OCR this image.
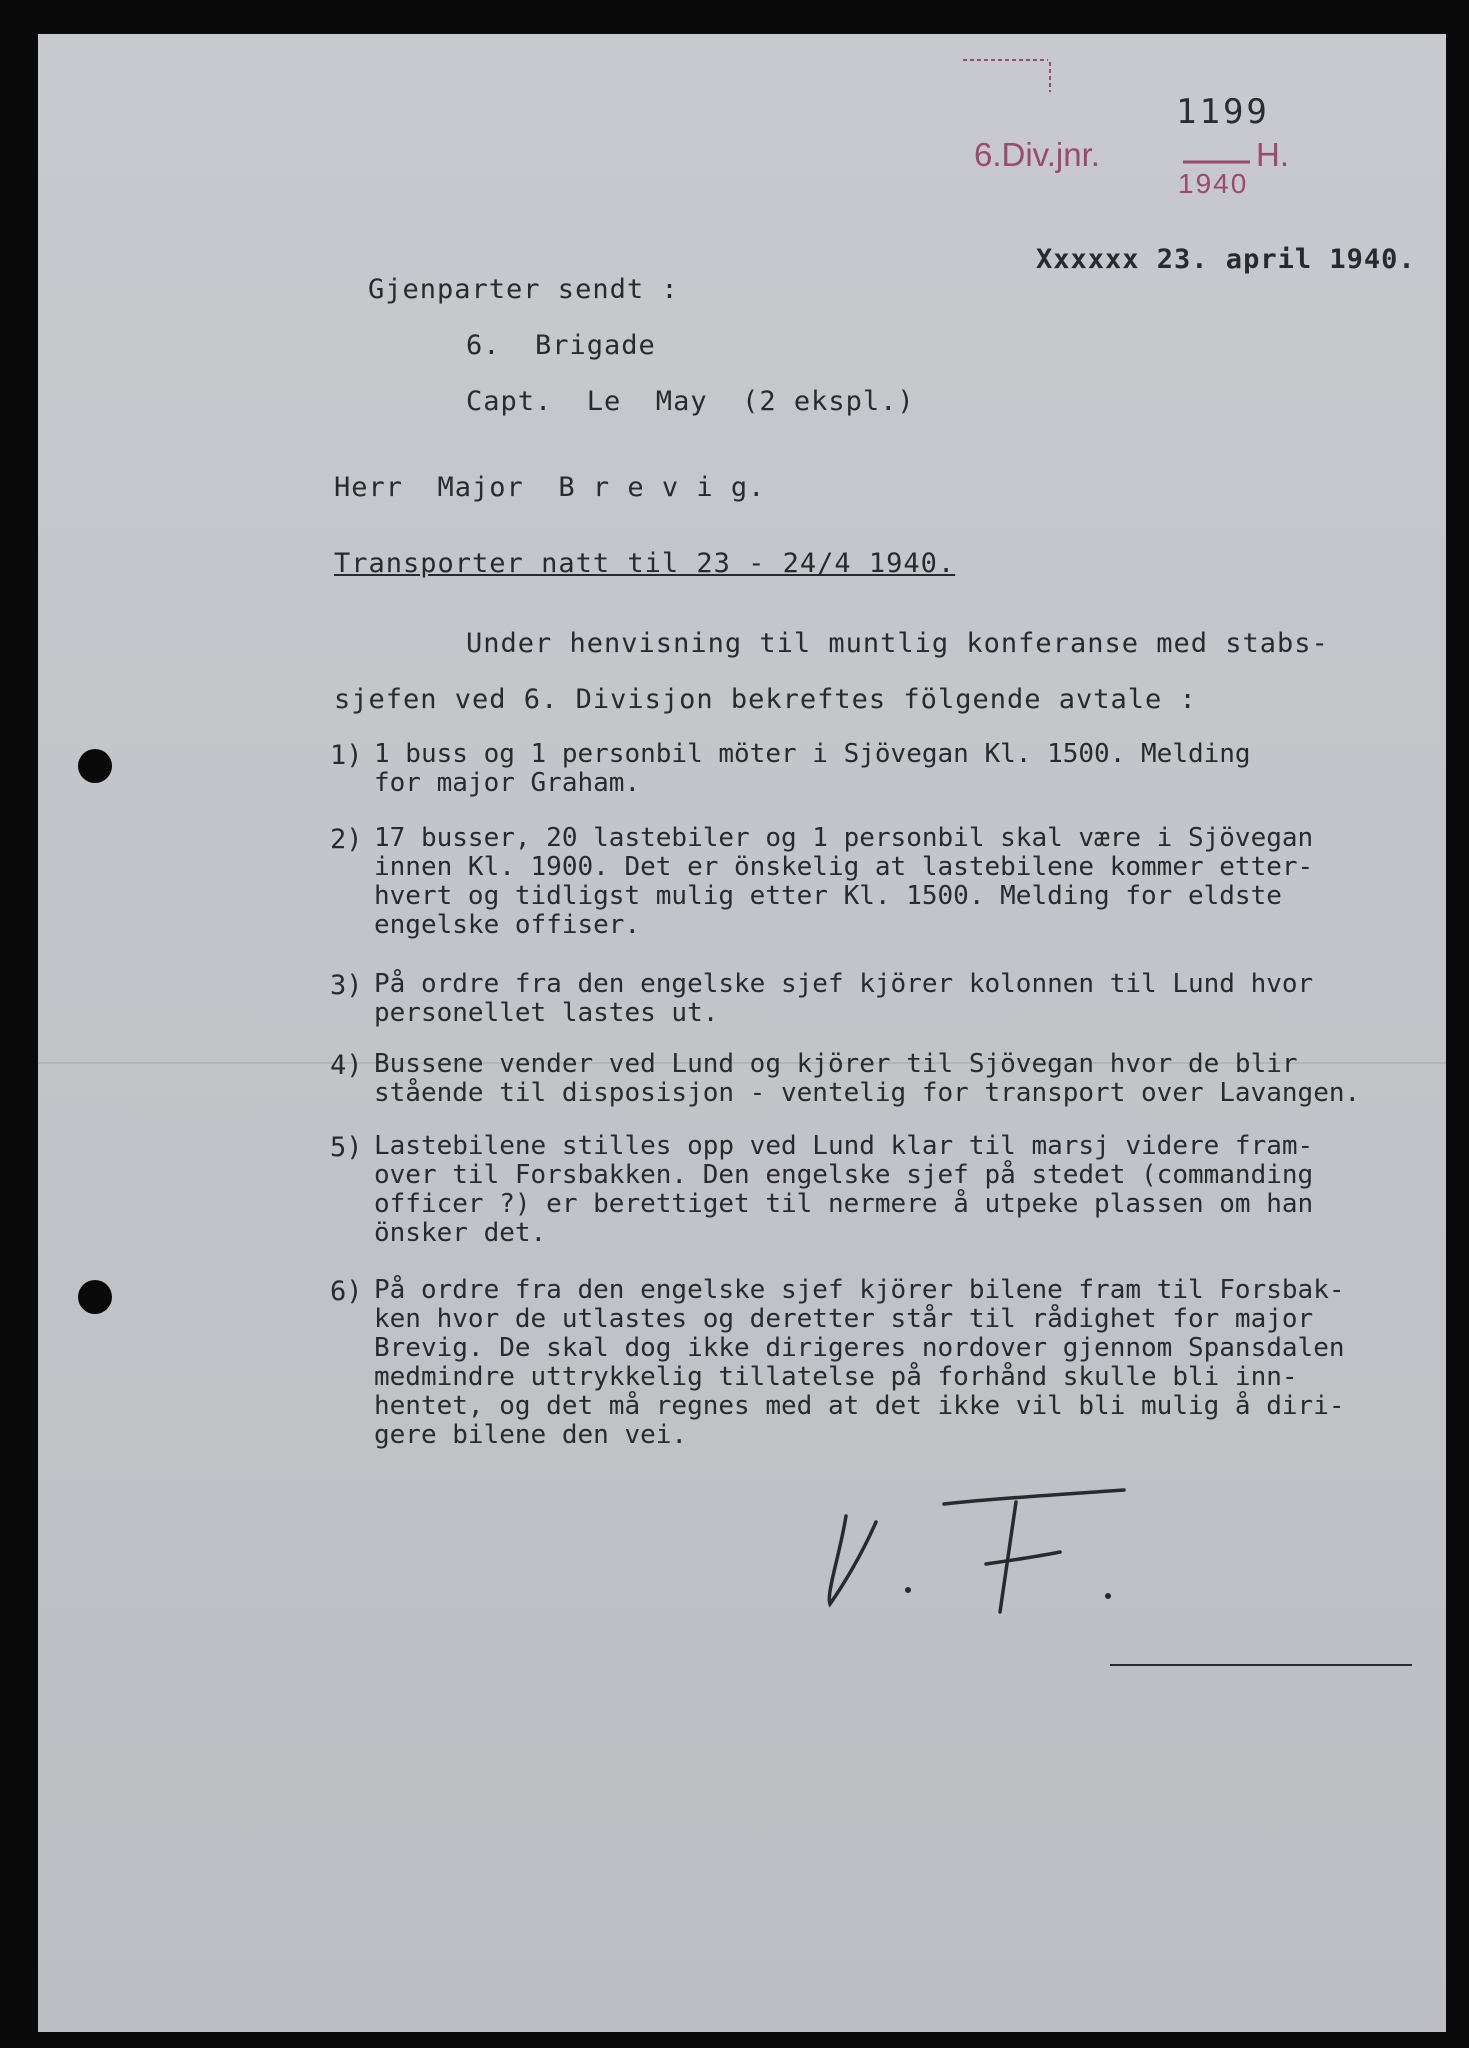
6.Div.jnr.
1199
1940
H.
Xxxxxx 23. april 1940.
Gjenparter sendt :
6.  Brigade
Capt.  Le  May  (2 ekspl.)
Herr  Major  B r e v i g.
Transporter natt til 23 - 24/4 1940.
Under henvisning til muntlig konferanse med stabs-
sjefen ved 6. Divisjon bekreftes fölgende avtale :
1) 1 buss og 1 personbil möter i Sjövegan Kl. 1500. Melding
for major Graham.
2) 17 busser, 20 lastebiler og 1 personbil skal være i Sjövegan
innen Kl. 1900. Det er önskelig at lastebilene kommer etter-
hvert og tidligst mulig etter Kl. 1500. Melding for eldste
engelske offiser.
3) På ordre fra den engelske sjef kjörer kolonnen til Lund hvor
personellet lastes ut.
4) Bussene vender ved Lund og kjörer til Sjövegan hvor de blir
stående til disposisjon - ventelig for transport over Lavangen.
5) Lastebilene stilles opp ved Lund klar til marsj videre fram-
over til Forsbakken. Den engelske sjef på stedet (commanding
officer ?) er berettiget til nermere å utpeke plassen om han
önsker det.
6) På ordre fra den engelske sjef kjörer bilene fram til Forsbak-
ken hvor de utlastes og deretter står til rådighet for major
Brevig. De skal dog ikke dirigeres nordover gjennom Spansdalen
medmindre uttrykkelig tillatelse på forhånd skulle bli inn-
hentet, og det må regnes med at det ikke vil bli mulig å diri-
gere bilene den vei.
